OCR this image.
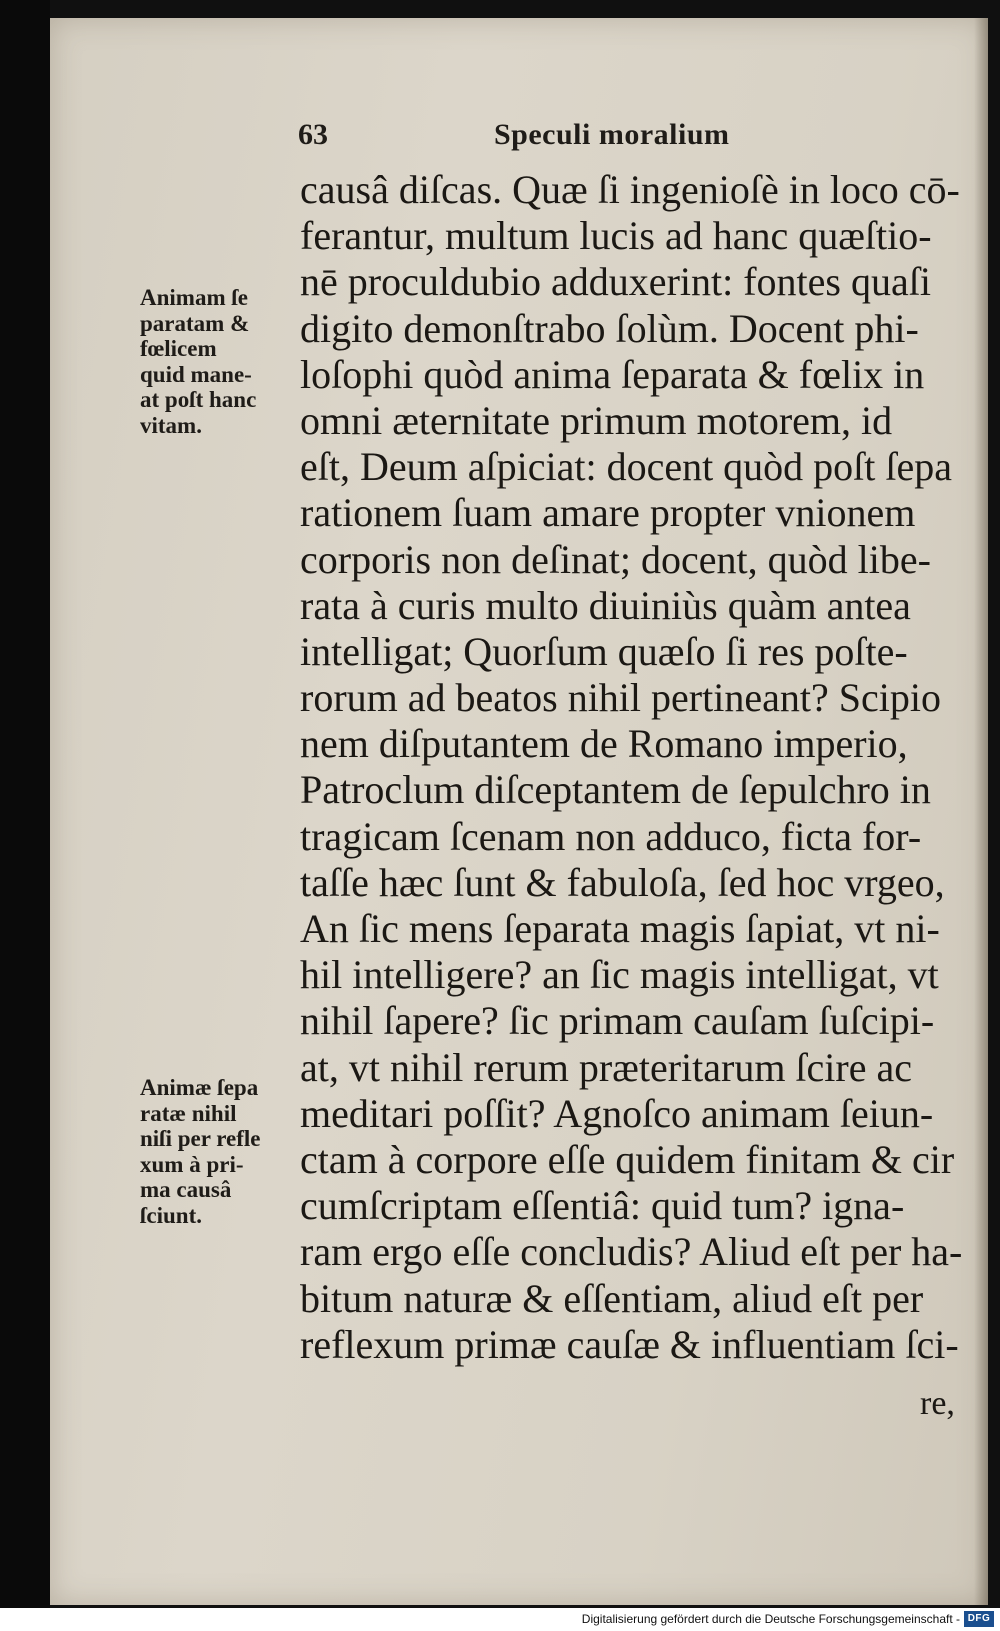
63	Speculi moralium
Animam ſe
paratam &
fœlicem
quid mane-
at poſt hanc
vitam.
Animæ ſepa
ratæ nihil
niſi per refle
xum à pri-
ma causâ
ſciunt.
causâ diſcas. Quæ ſi ingenioſè in loco cō-
ferantur, multum lucis ad hanc quæſtio-
nē proculdubio adduxerint: fontes quaſi
digito demonſtrabo ſolùm. Docent phi-
loſophi quòd anima ſeparata & fœlix in
omni æternitate primum motorem, id
eſt, Deum aſpiciat: docent quòd poſt ſepa
rationem ſuam amare propter vnionem
corporis non deſinat; docent, quòd libe-
rata à curis multo diuiniùs quàm antea
intelligat; Quorſum quæſo ſi res poſte-
rorum ad beatos nihil pertineant? Scipio
nem diſputantem de Romano imperio,
Patroclum diſceptantem de ſepulchro in
tragicam ſcenam non adduco, ficta for-
taſſe hæc ſunt & fabuloſa, ſed hoc vrgeo,
An ſic mens ſeparata magis ſapiat, vt ni-
hil intelligere? an ſic magis intelligat, vt
nihil ſapere? ſic primam cauſam ſuſcipi-
at, vt nihil rerum præteritarum ſcire ac
meditari poſſit? Agnoſco animam ſeiun-
ctam à corpore eſſe quidem finitam & cir
cumſcriptam eſſentiâ: quid tum? igna-
ram ergo eſſe concludis? Aliud eſt per ha-
bitum naturæ & eſſentiam, aliud eſt per
reflexum primæ cauſæ & influentiam ſci-
re,
Digitalisierung gefördert durch die Deutsche Forschungsgemeinschaft - DFG
